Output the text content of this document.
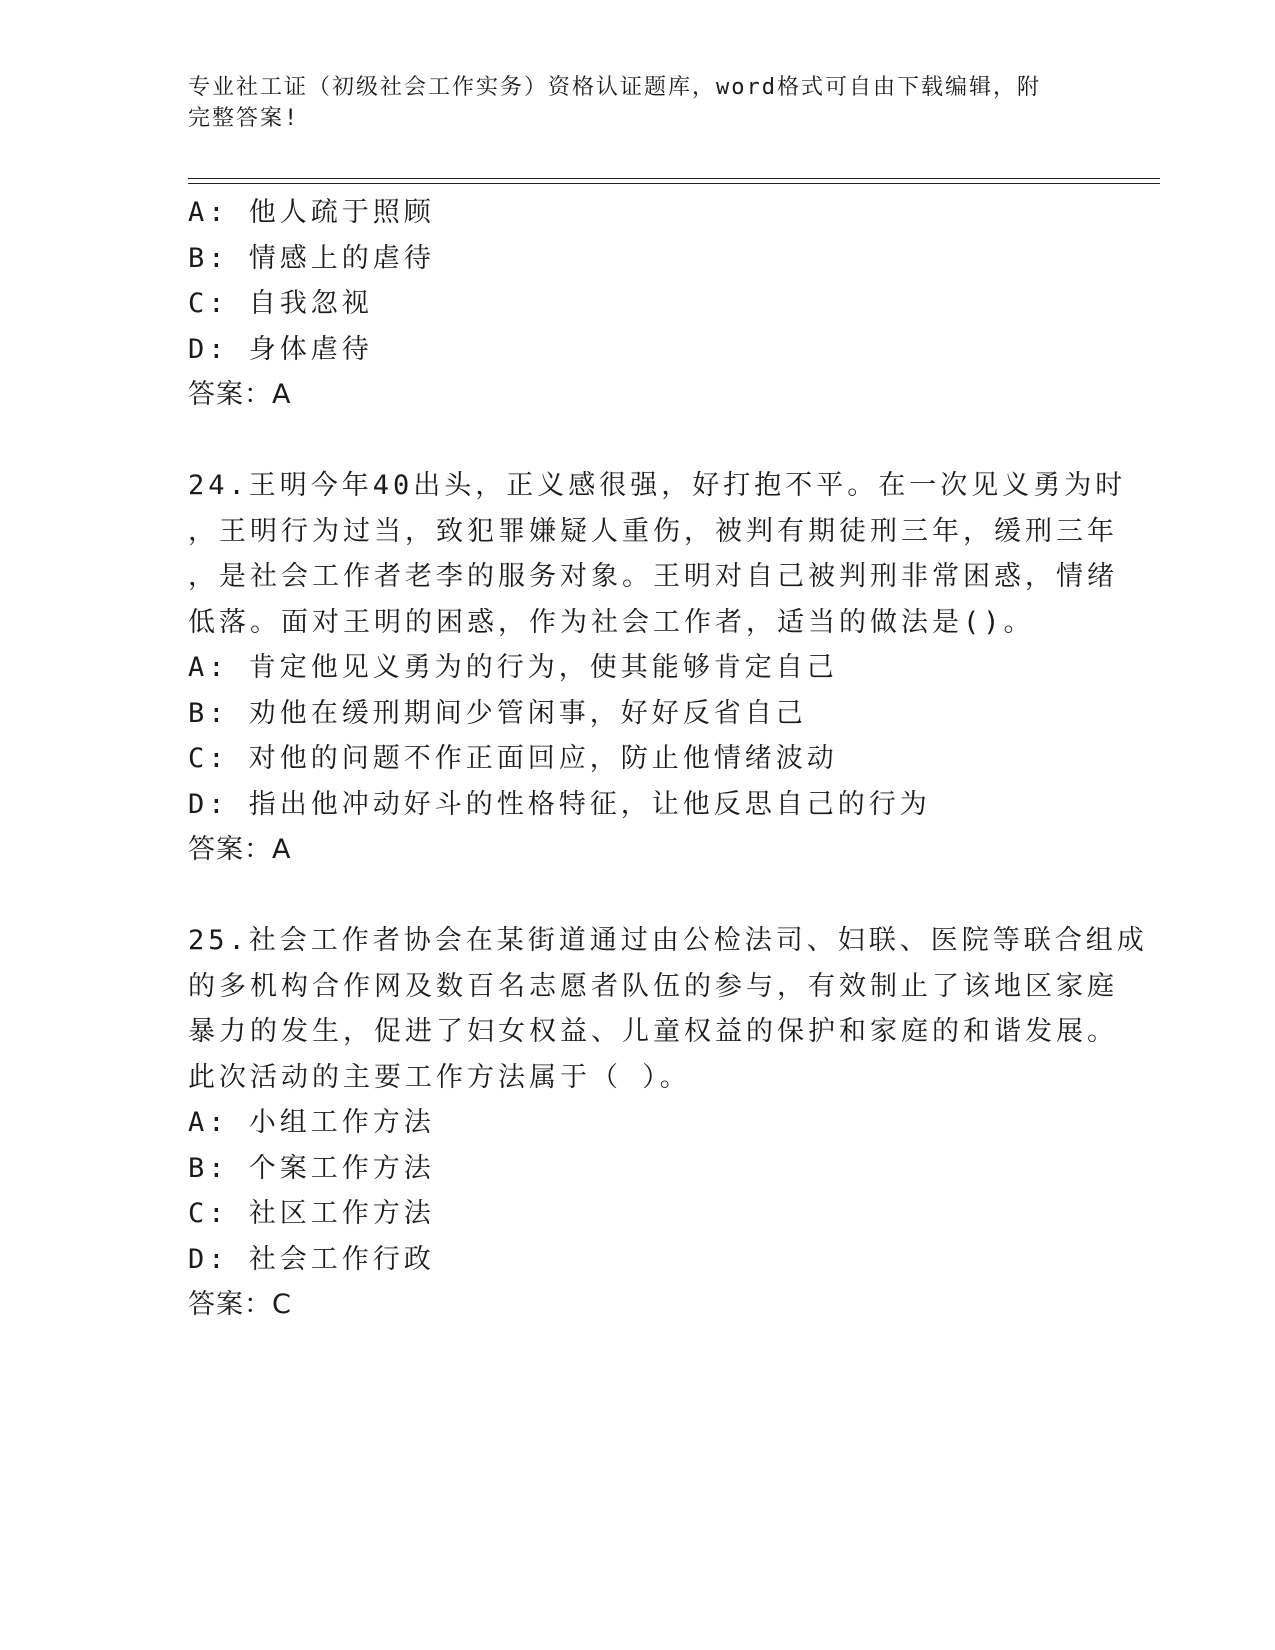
专业社工证（初级社会工作实务）资格认证题库，word格式可自由下载编辑，附
完整答案!
A: 他人疏于照顾
B: 情感上的虐待
C: 自我忽视
D: 身体虐待
答案：A
24.王明今年40出头，正义感很强，好打抱不平。在一次见义勇为时
，王明行为过当，致犯罪嫌疑人重伤，被判有期徒刑三年，缓刑三年
，是社会工作者老李的服务对象。王明对自己被判刑非常困惑，情绪
低落。面对王明的困惑，作为社会工作者，适当的做法是()。
A: 肯定他见义勇为的行为，使其能够肯定自己
B: 劝他在缓刑期间少管闲事，好好反省自己
C: 对他的问题不作正面回应，防止他情绪波动
D: 指出他冲动好斗的性格特征，让他反思自己的行为
答案：A
25.社会工作者协会在某街道通过由公检法司、妇联、医院等联合组成
的多机构合作网及数百名志愿者队伍的参与，有效制止了该地区家庭
暴力的发生，促进了妇女权益、儿童权益的保护和家庭的和谐发展。
此次活动的主要工作方法属于（ ）。
A: 小组工作方法
B: 个案工作方法
C: 社区工作方法
D: 社会工作行政
答案：C
